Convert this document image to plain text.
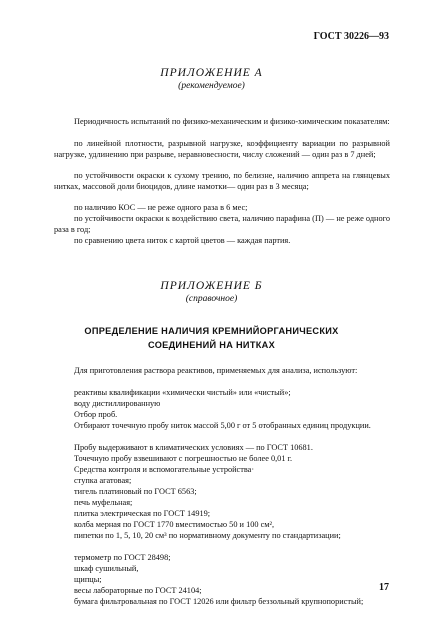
ГОСТ 30226—93
ПРИЛОЖЕНИЕ А
(рекомендуемое)
Периодичность испытаний по физико-механическим и физико-химическим показателям:
по линейной плотности, разрывной нагрузке, коэффициенту вариации по разрывной нагрузке, удлинению при разрыве, неравновесности, числу сложений — один раз в 7 дней;
по устойчивости окраски к сухому трению, по белизне, наличию аппрета на глянцевых нитках, массовой доли биоцидов, длине намотки— один раз в 3 месяца;
по наличию КОС — не реже одного раза в 6 мес;
по устойчивости окраски к воздействию света, наличию парафина (П) — не реже одного раза в год;
по сравнению цвета ниток с картой цветов — каждая партия.
ПРИЛОЖЕНИЕ Б
(справочное)
ОПРЕДЕЛЕНИЕ НАЛИЧИЯ КРЕМНИЙОРГАНИЧЕСКИХ
СОЕДИНЕНИЙ НА НИТКАХ
Для приготовления раствора реактивов, применяемых для анализа, используют:
реактивы квалификации «химически чистый» или «чистый»;
воду дистиллированную
Отбор проб.
Отбирают точечную пробу ниток массой 5,00 г от 5 отобранных единиц продукции.
Пробу выдерживают в климатических условиях — по ГОСТ 10681.
Точечную пробу взвешивают с погрешностью не более 0,01 г.
Средства контроля и вспомогательные устройства·
ступка агатовая;
тигель платиновый по ГОСТ 6563;
печь муфельная;
плитка электрическая по ГОСТ 14919;
колба мерная по ГОСТ 1770 вместимостью 50 и 100 см²,
пипетки по 1, 5, 10, 20 см³ по нормативному документу по стандартизации;
термометр по ГОСТ 28498;
шкаф сушильный,
щипцы;
весы лабораторные по ГОСТ 24104;
бумага фильтровальная по ГОСТ 12026 или фильтр беззольный крупнопористый;
17
